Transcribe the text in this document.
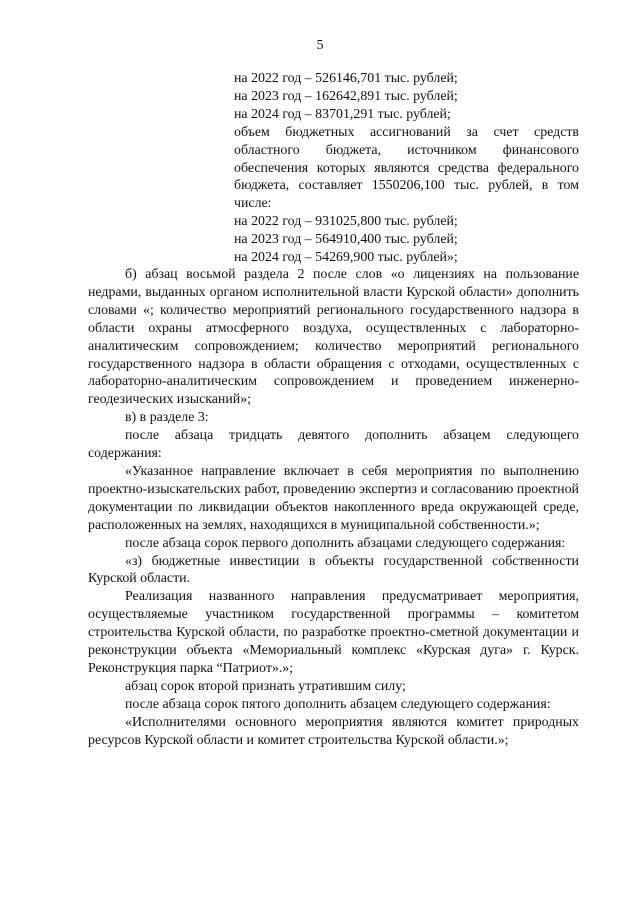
5

на 2022 год – 526146,701 тыс. рублей;

на 2023 год – 162642,891 тыс. рублей;

на 2024 год – 83701,291 тыс. рублей;

объем бюджетных ассигнований за счет средств областного бюджета, источником финансового обеспечения которых являются средства федерального бюджета, составляет 1550206,100 тыс. рублей, в том числе:

на 2022 год – 931025,800 тыс. рублей;

на 2023 год – 564910,400 тыс. рублей;

на 2024 год – 54269,900 тыс. рублей»;

б) абзац восьмой раздела 2 после слов «о лицензиях на пользование недрами, выданных органом исполнительной власти Курской области» дополнить словами «; количество мероприятий регионального государственного надзора в области охраны атмосферного воздуха, осуществленных с лабораторно-аналитическим сопровождением; количество мероприятий регионального государственного надзора в области обращения с отходами, осуществленных с лабораторно-аналитическим сопровождением и проведением инженерно-геодезических изысканий»;

в) в разделе 3:

после абзаца тридцать девятого дополнить абзацем следующего содержания:

«Указанное направление включает в себя мероприятия по выполнению проектно-изыскательских работ, проведению экспертиз и согласованию проектной документации по ликвидации объектов накопленного вреда окружающей среде, расположенных на землях, находящихся в муниципальной собственности.»;

после абзаца сорок первого дополнить абзацами следующего содержания:

«з) бюджетные инвестиции в объекты государственной собственности Курской области.

Реализация названного направления предусматривает мероприятия, осуществляемые участником государственной программы – комитетом строительства Курской области, по разработке проектно-сметной документации и реконструкции объекта «Мемориальный комплекс «Курская дуга» г. Курск. Реконструкция парка “Патриот».»;

абзац сорок второй признать утратившим силу;

после абзаца сорок пятого дополнить абзацем следующего содержания:

«Исполнителями основного мероприятия являются комитет природных ресурсов Курской области и комитет строительства Курской области.»;
